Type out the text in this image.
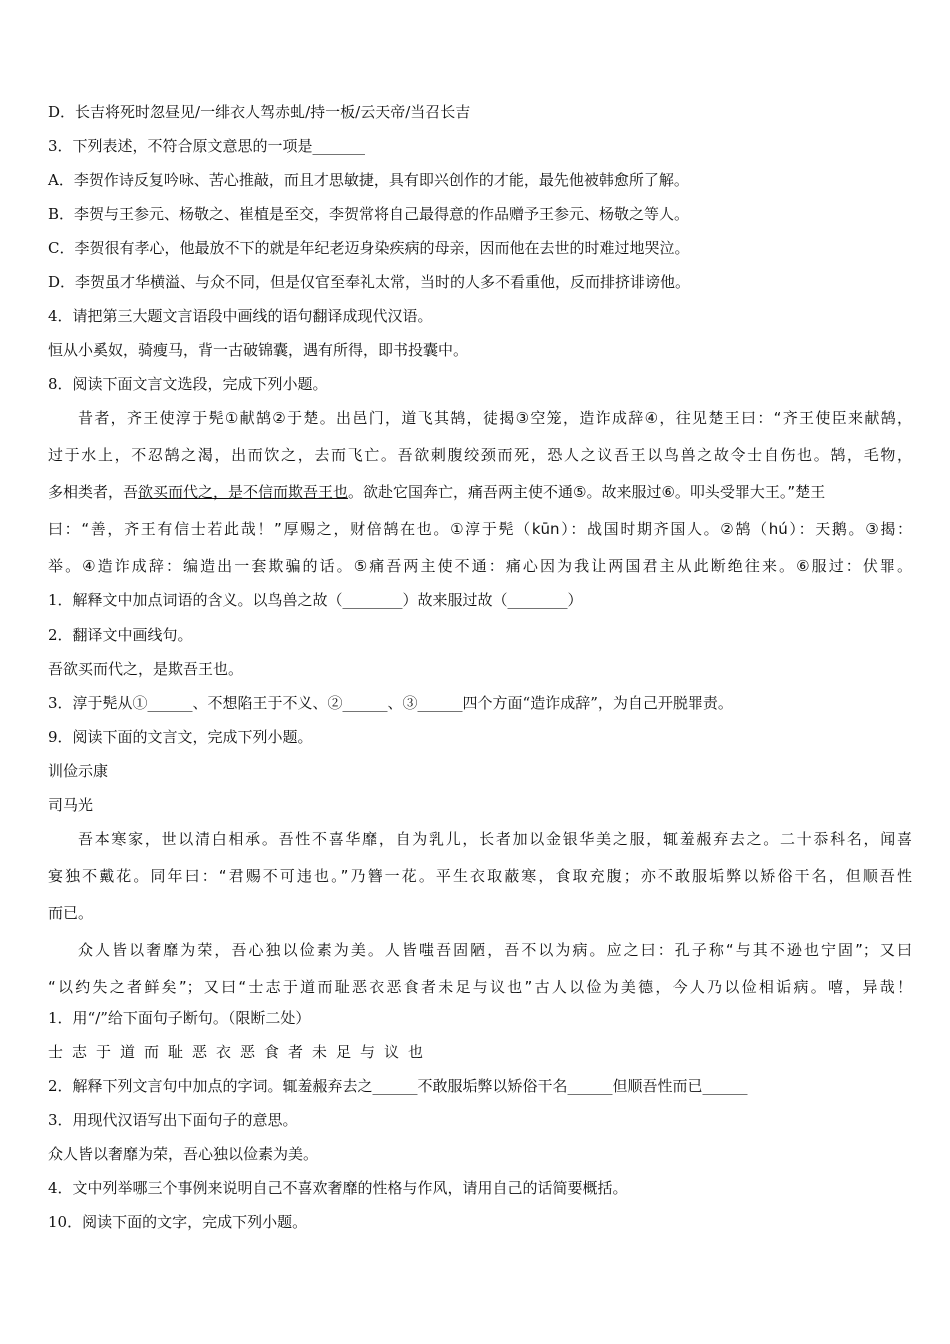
D．长吉将死时忽昼见/一绯衣人驾赤虬/持一板/云天帝/当召长吉
3．下列表述，不符合原文意思的一项是_______
A．李贺作诗反复吟咏、苦心推敲，而且才思敏捷，具有即兴创作的才能，最先他被韩愈所了解。
B．李贺与王参元、杨敬之、崔植是至交，李贺常将自己最得意的作品赠予王参元、杨敬之等人。
C．李贺很有孝心，他最放不下的就是年纪老迈身染疾病的母亲，因而他在去世的时难过地哭泣。
D．李贺虽才华横溢、与众不同，但是仅官至奉礼太常，当时的人多不看重他，反而排挤诽谤他。
4．请把第三大题文言语段中画线的语句翻译成现代汉语。
恒从小奚奴，骑瘦马，背一古破锦囊，遇有所得，即书投囊中。
8．阅读下面文言文选段，完成下列小题。
昔者，齐王使淳于髡①献鹄②于楚。出邑门，道飞其鹄，徒揭③空笼，造诈成辞④，往见楚王曰：“齐王使臣来献鹄，
过于水上，不忍鹄之渴，出而饮之，去而飞亡。吾欲刺腹绞颈而死，恐人之议吾王以鸟兽之故令士自伤也。鹄，毛物，
多相类者，吾欲买而代之，是不信而欺吾王也。欲赴它国奔亡，痛吾两主使不通⑤。故来服过⑥。叩头受罪大王。”楚王
曰：“善，齐王有信士若此哉！”厚赐之，财倍鹄在也。①淳于髡（kūn）：战国时期齐国人。②鹄（hú）：天鹅。③揭：
举。④造诈成辞：编造出一套欺骗的话。⑤痛吾两主使不通：痛心因为我让两国君主从此断绝往来。⑥服过：伏罪。
1．解释文中加点词语的含义。以鸟兽之故（________）故来服过故（________）
2．翻译文中画线句。
吾欲买而代之，是欺吾王也。
3．淳于髡从①______、不想陷王于不义、②______、③______四个方面“造诈成辞”，为自己开脱罪责。
9．阅读下面的文言文，完成下列小题。
训俭示康
司马光
吾本寒家，世以清白相承。吾性不喜华靡，自为乳儿，长者加以金银华美之服，辄羞赧弃去之。二十忝科名，闻喜
宴独不戴花。同年曰：“君赐不可违也。”乃簪一花。平生衣取蔽寒，食取充腹；亦不敢服垢弊以矫俗干名，但顺吾性
而已。
众人皆以奢靡为荣，吾心独以俭素为美。人皆嗤吾固陋，吾不以为病。应之曰：孔子称“与其不逊也宁固”；又曰
“以约失之者鲜矣”；又曰“士志于道而耻恶衣恶食者未足与议也”古人以俭为美德，今人乃以俭相诟病。嘻，异哉！
1．用“/”给下面句子断句。（限断二处）
士志于道而耻恶衣恶食者未足与议也
2．解释下列文言句中加点的字词。辄羞赧弃去之______不敢服垢弊以矫俗干名______但顺吾性而已______
3．用现代汉语写出下面句子的意思。
众人皆以奢靡为荣，吾心独以俭素为美。
4．文中列举哪三个事例来说明自己不喜欢奢靡的性格与作风，请用自己的话简要概括。
10．阅读下面的文字，完成下列小题。
